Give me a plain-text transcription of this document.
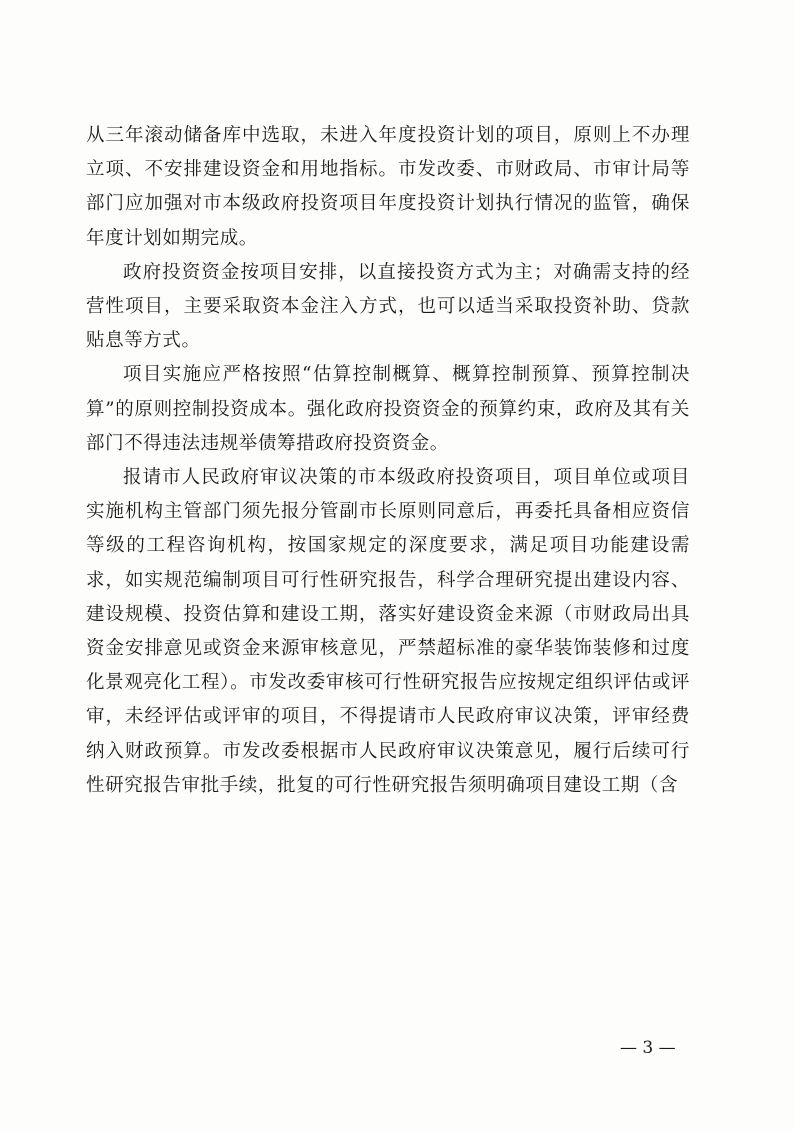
从三年滚动储备库中选取，未进入年度投资计划的项目，原则上不办理立项、不安排建设资金和用地指标。市发改委、市财政局、市审计局等部门应加强对市本级政府投资项目年度投资计划执行情况的监管，确保年度计划如期完成。

政府投资资金按项目安排，以直接投资方式为主；对确需支持的经营性项目，主要采取资本金注入方式，也可以适当采取投资补助、贷款贴息等方式。

项目实施应严格按照“估算控制概算、概算控制预算、预算控制决算”的原则控制投资成本。强化政府投资资金的预算约束，政府及其有关部门不得违法违规举债筹措政府投资资金。

报请市人民政府审议决策的市本级政府投资项目，项目单位或项目实施机构主管部门须先报分管副市长原则同意后，再委托具备相应资信等级的工程咨询机构，按国家规定的深度要求，满足项目功能建设需求，如实规范编制项目可行性研究报告，科学合理研究提出建设内容、建设规模、投资估算和建设工期，落实好建设资金来源（市财政局出具资金安排意见或资金来源审核意见，严禁超标准的豪华装饰装修和过度化景观亮化工程）。市发改委审核可行性研究报告应按规定组织评估或评审，未经评估或评审的项目，不得提请市人民政府审议决策，评审经费纳入财政预算。市发改委根据市人民政府审议决策意见，履行后续可行性研究报告审批手续，批复的可行性研究报告须明确项目建设工期（含

— 3 —
